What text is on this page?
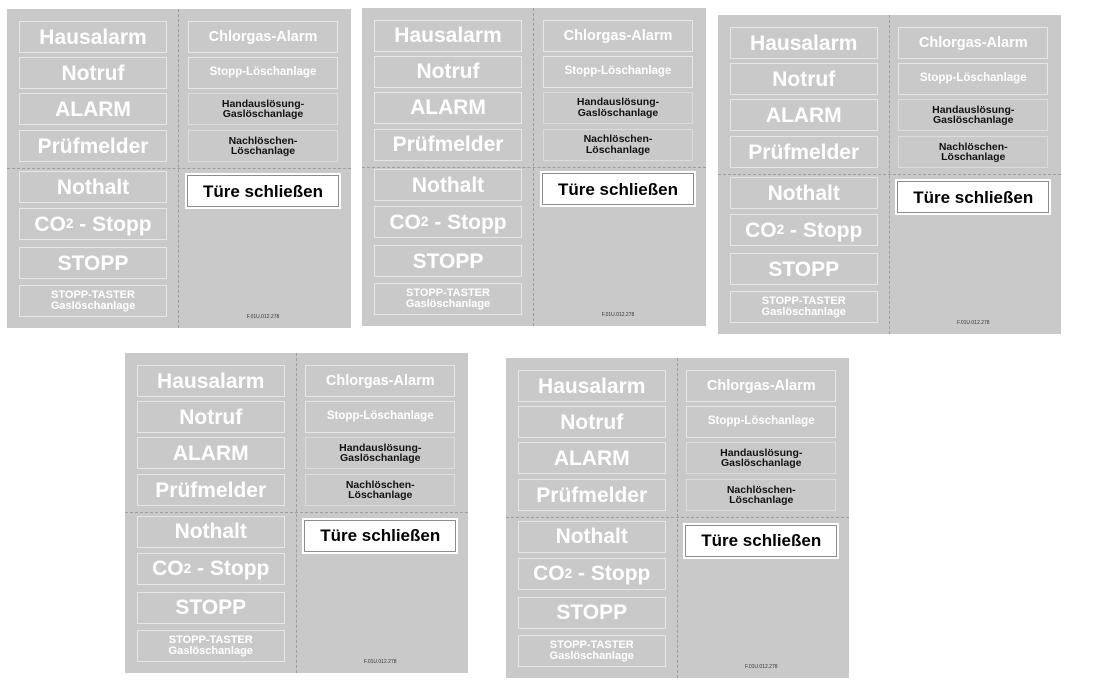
Hausalarm
Notruf
ALARM
Prüfmelder
Nothalt
CO 2 - Stopp
STOPP
STOPP-TASTER
Gaslöschanlage
Chlorgas-Alarm
Stopp-Löschanlage
Handauslösung-
Gaslöschanlage
Nachlöschen-
Löschanlage
Türe schließen
F.01U.012.278
Hausalarm
Notruf
ALARM
Prüfmelder
Nothalt
CO 2 - Stopp
STOPP
STOPP-TASTER
Gaslöschanlage
Chlorgas-Alarm
Stopp-Löschanlage
Handauslösung-
Gaslöschanlage
Nachlöschen-
Löschanlage
Türe schließen
F.01U.012.278
Hausalarm
Notruf
ALARM
Prüfmelder
Nothalt
CO 2 - Stopp
STOPP
STOPP-TASTER
Gaslöschanlage
Chlorgas-Alarm
Stopp-Löschanlage
Handauslösung-
Gaslöschanlage
Nachlöschen-
Löschanlage
Türe schließen
F.01U.012.278
Hausalarm
Notruf
ALARM
Prüfmelder
Nothalt
CO 2 - Stopp
STOPP
STOPP-TASTER
Gaslöschanlage
Chlorgas-Alarm
Stopp-Löschanlage
Handauslösung-
Gaslöschanlage
Nachlöschen-
Löschanlage
Türe schließen
F.01U.012.278
Hausalarm
Notruf
ALARM
Prüfmelder
Nothalt
CO 2 - Stopp
STOPP
STOPP-TASTER
Gaslöschanlage
Chlorgas-Alarm
Stopp-Löschanlage
Handauslösung-
Gaslöschanlage
Nachlöschen-
Löschanlage
Türe schließen
F.01U.012.278
